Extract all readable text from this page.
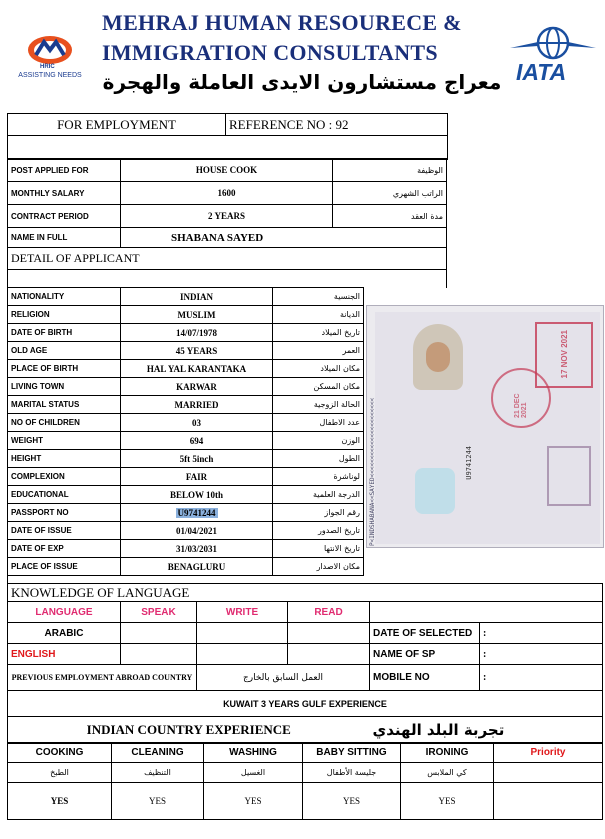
HRIC
ASSISTING NEEDS
MEHRAJ HUMAN RESOURECE &
IMMIGRATION CONSULTANTS
معراج مستشارون الايدى العاملة والهجرة IATA
FOR EMPLOYMENT	REFERENCE NO : 92	

POST APPLIED FOR	HOUSE COOK	الوظيفة
MONTHLY SALARY	1600	الراتب الشهري
CONTRACT PERIOD	2 YEARS	مدة العقد
NAME IN FULL	SHABANA SAYED	
DETAIL OF APPLICANT		

NATIONALITY	INDIAN	الجنسية
RELIGION	MUSLIM	الديانة
DATE OF BIRTH	14/07/1978	تاريخ الميلاد
OLD AGE	45 YEARS	العمر
PLACE OF BIRTH	HAL YAL KARANTAKA	مكان الميلاد
LIVING TOWN	KARWAR	مكان المسكن
MARITAL STATUS	MARRIED	الحالة الزوجية
NO OF CHILDREN	03	عدد الاطفال
WEIGHT	694	الوزن
HEIGHT	5ft 5inch	الطول
COMPLEXION	FAIR	لوناشرة
EDUCATIONAL	BELOW 10th	الدرجة العلمية
PASSPORT NO	U9741244	رقم الجواز
DATE OF ISSUE	01/04/2021	تاريخ الصدور
DATE OF EXP	31/03/2031	تاريخ الانتها
PLACE OF ISSUE	BENAGLURU	مكان الاصدار
P<INDSHABANA<<SAYED<<<<<<<<<<<<<<<<<<<<<<	U9741244
17 NOV 2021
21 DEC 2021
KNOWLEDGE OF LANGUAGE					
LANGUAGE	SPEAK	WRITE	READ		
ARABIC				DATE OF SELECTED	:
ENGLISH				NAME OF SP	:
PREVIOUS EMPLOYMENT ABROAD COUNTRY		العمل السابق بالخارج		MOBILE NO	:
KUWAIT 3 YEARS GULF EXPERIENCE					
INDIAN COUNTRY EXPERIENCE				تجربة البلد الهندي	
COOKING	CLEANING	WASHING	BABY SITTING	IRONING	Priority
الطبخ	التنظيف	الغسيل	جليسة الأطفال	كي الملابس	
YES	YES	YES	YES	YES	
